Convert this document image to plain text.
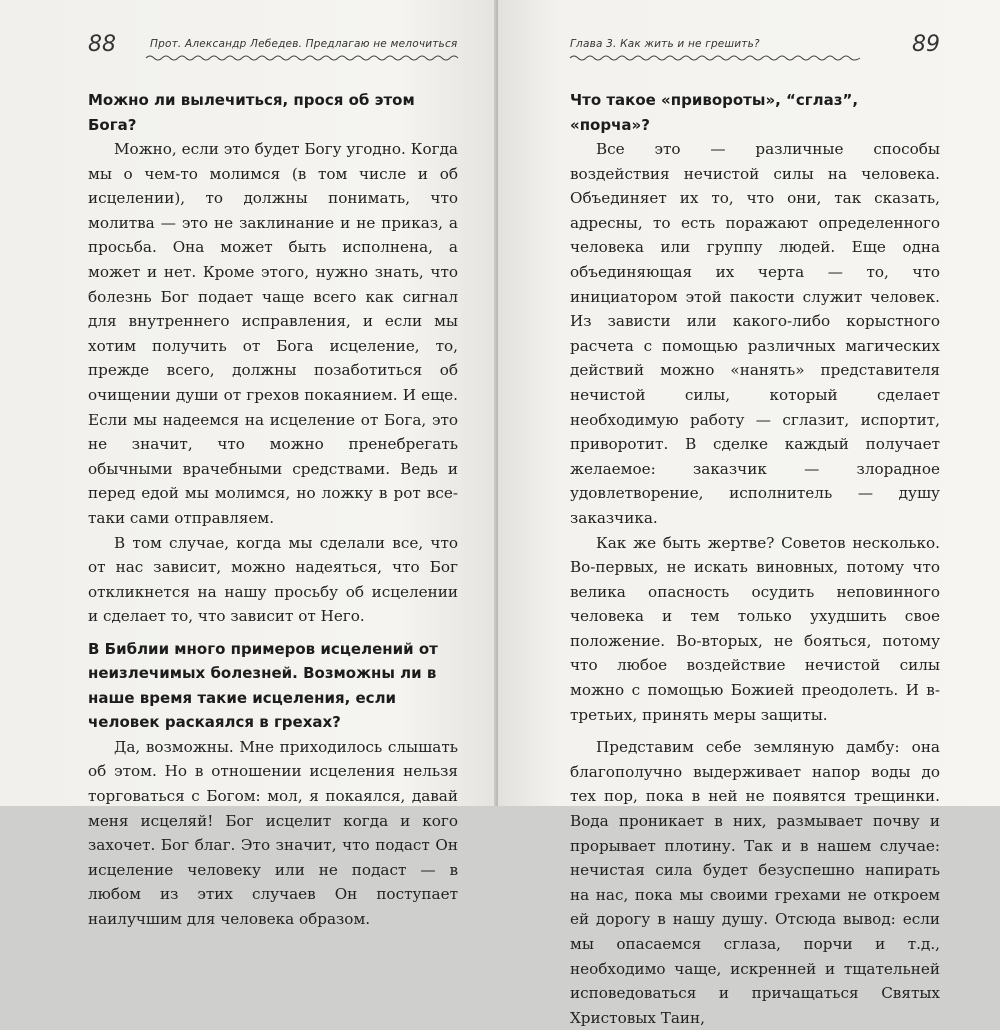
88	Прот. Александр Лебедев. Предлагаю не мелочиться
Можно ли вылечиться, прося об этом Бога?

Можно, если это будет Богу угодно. Когда мы о чем-то молимся (в том числе и об исцелении), то должны понимать, что молитва — это не заклинание и не приказ, а просьба. Она может быть исполнена, а может и нет. Кроме этого, нужно знать, что болезнь Бог подает чаще всего как сигнал для внутреннего исправления, и если мы хотим получить от Бога исцеление, то, прежде всего, должны позаботиться об очищении души от грехов покаянием. И еще. Если мы надеемся на исцеление от Бога, это не значит, что можно пренебрегать обычными врачебными средствами. Ведь и перед едой мы молимся, но ложку в рот все-таки сами отправляем.

В том случае, когда мы сделали все, что от нас зависит, можно надеяться, что Бог откликнется на нашу просьбу об исцелении и сделает то, что зависит от Него.

В Библии много примеров исцелений от неизлечимых болезней. Возможны ли в наше время такие исцеления, если человек раскаялся в грехах?

Да, возможны. Мне приходилось слышать об этом. Но в отношении исцеления нельзя торговаться с Богом: мол, я покаялся, давай меня исцеляй! Бог исцелит когда и кого захочет. Бог благ. Это значит, что подаст Он исцеление человеку или не подаст — в любом из этих случаев Он поступает наилучшим для человека образом.

Глава 3. Как жить и не грешить?	89
Что такое «привороты», “сглаз”, «порча»?

Все это — различные способы воздействия нечистой силы на человека. Объединяет их то, что они, так сказать, адресны, то есть поражают определенного человека или группу людей. Еще одна объединяющая их черта — то, что инициатором этой пакости служит человек. Из зависти или какого-либо корыстного расчета с помощью различных магических действий можно «нанять» представителя нечистой силы, который сделает необходимую работу — сглазит, испортит, приворотит. В сделке каждый получает желаемое: заказчик — злорадное удовлетворение, исполнитель — душу заказчика.

Как же быть жертве? Советов несколько. Во-первых, не искать виновных, потому что велика опасность осудить неповинного человека и тем только ухудшить свое положение. Во-вторых, не бояться, потому что любое воздействие нечистой силы можно с помощью Божией преодолеть. И в-третьих, принять меры защиты.

Представим себе земляную дамбу: она благополучно выдерживает напор воды до тех пор, пока в ней не появятся трещинки. Вода проникает в них, размывает почву и прорывает плотину. Так и в нашем случае: нечистая сила будет безуспешно напирать на нас, пока мы своими грехами не откроем ей дорогу в нашу душу. Отсюда вывод: если мы опасаемся сглаза, порчи и т.д., необходимо чаще, искренней и тщательней исповедоваться и причащаться Святых Христовых Таин,
